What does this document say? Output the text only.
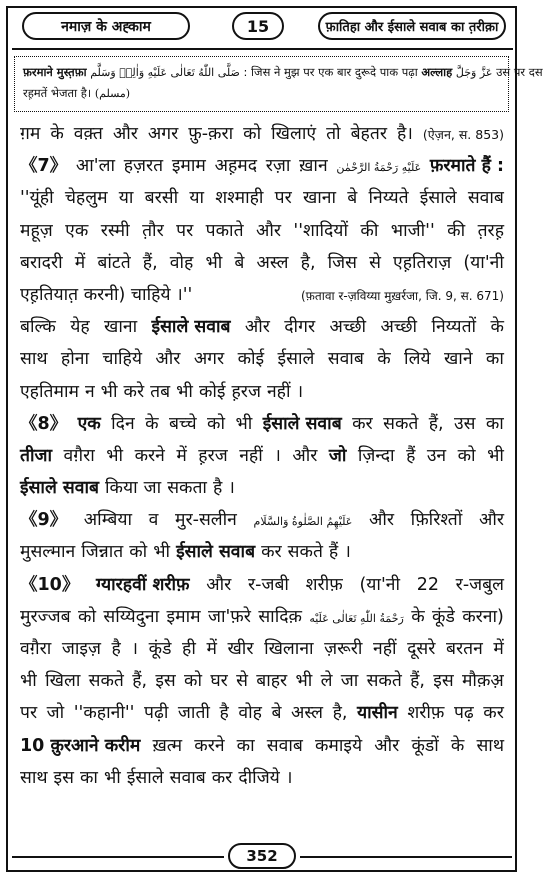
नमाज़ के अह्काम	15	फ़ातिहा और ईसाले सवाब का त़रीक़ा
फ़रमाने मुस्त़फ़ा صَلَّى اللّٰهُ تَعَالٰى عَلَيْهِ وَاٰلِهٖ وَسَلَّم : जिस ने मुझ पर एक बार दुरूदे पाक पढ़ा अल्लाह عَزَّ وَجَلَّ उस पर दस
रह़मतें भेजता है। (مسلم)
ग़म के वक़्त और अगर फ़ु-क़रा को खिलाएं तो बेहतर है। (ऐज़न, स. 853)
《7》 आ'ला हज़रत इमाम अह़मद रज़ा ख़ान عَلَيْهِ رَحْمَةُ الرَّحْمٰن फ़रमाते हैं :
''यूंही चेहलुम या बरसी या शश्माही पर खाना बे निय्यते ईसाले सवाब
महूज़ एक रस्मी त़ौर पर पकाते और ''शादियों की भाजी'' की त़रह़
बरादरी में बांटते हैं, वोह भी बे अस्ल है, जिस से एह़तिराज़ (या'नी
एह़तियात़ करनी) चाहिये ।''	(फ़तावा र-ज़विय्या मुख़र्रजा, जि. 9, स. 671)
बल्कि येह खाना ईसाले सवाब और दीगर अच्छी अच्छी निय्यतों के
साथ होना चाहिये और अगर कोई ईसाले सवाब के लिये खाने का
एहतिमाम न भी करे तब भी कोई ह़रज नहीं ।
《8》 एक दिन के बच्चे को भी ईसाले सवाब कर सकते हैं, उस का
तीजा वग़ैरा भी करने में ह़रज नहीं । और जो ज़िन्दा हैं उन को भी
ईसाले सवाब किया जा सकता है ।
《9》 अम्बिया व मुर-सलीन عَلَيْهِمُ الصَّلٰوةُ وَالسَّلَام और फ़िरिश्तों और
मुसल्मान जिन्नात को भी ईसाले सवाब कर सकते हैं ।
《10》 ग्यारहवीं शरीफ़ और र-जबी शरीफ़ (या'नी 22 र-जबुल
मुरज्जब को सय्यिदुना इमाम जा'फ़रे सादिक़ رَحْمَةُ اللّٰهِ تَعَالٰى عَلَيْه के कूंडे करना)
वग़ैरा जाइज़ है । कूंडे ही में खीर खिलाना ज़रूरी नहीं दूसरे बरतन में
भी खिला सकते हैं, इस को घर से बाहर भी ले जा सकते हैं, इस मौक़अ़
पर जो ''कहानी'' पढ़ी जाती है वोह बे अस्ल है, यासीन शरीफ़ पढ़ कर
10 क़ुरआने करीम ख़त्म करने का सवाब कमाइये और कूंडों के साथ
साथ इस का भी ईसाले सवाब कर दीजिये ।
352
